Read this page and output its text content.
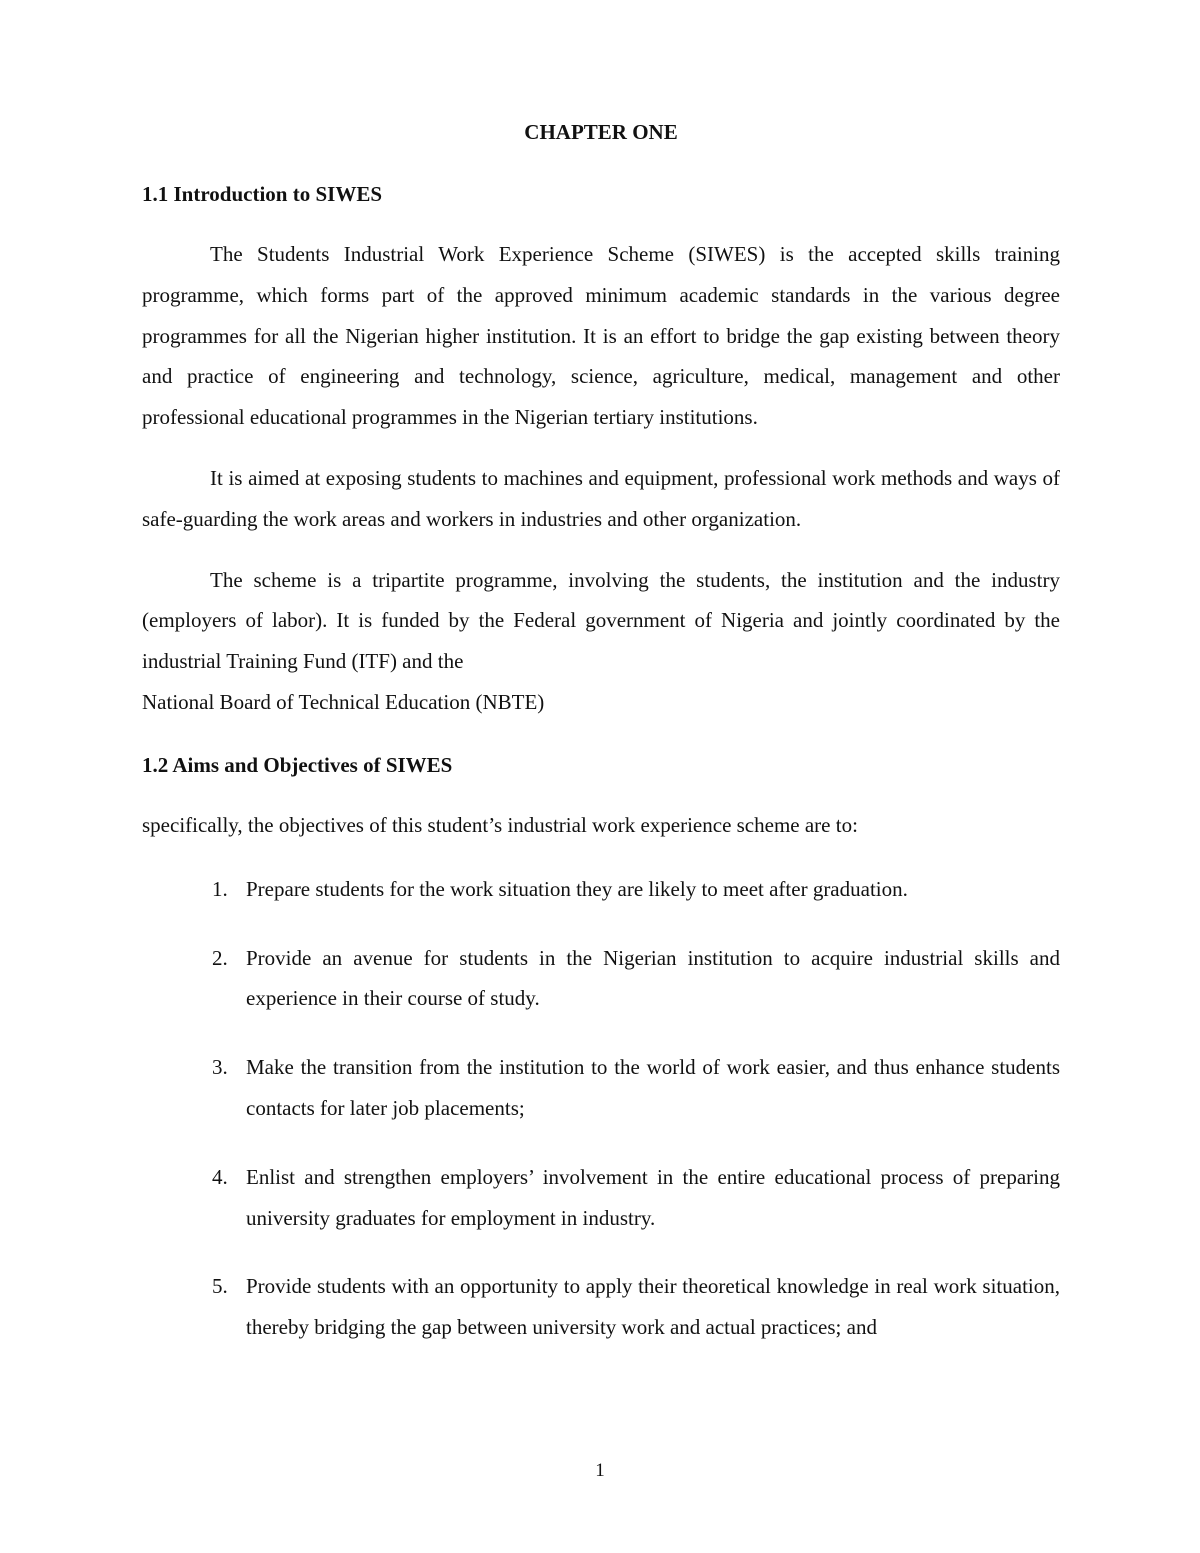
CHAPTER ONE
1.1 Introduction to SIWES

The Students Industrial Work Experience Scheme (SIWES) is the accepted skills training programme, which forms part of the approved minimum academic standards in the various degree programmes for all the Nigerian higher institution. It is an effort to bridge the gap existing between theory and practice of engineering and technology, science, agriculture, medical, management and other professional educational programmes in the Nigerian tertiary institutions.

It is aimed at exposing students to machines and equipment, professional work methods and ways of safe-guarding the work areas and workers in industries and other organization.

The scheme is a tripartite programme, involving the students, the institution and the industry (employers of labor). It is funded by the Federal government of Nigeria and jointly coordinated by the industrial Training Fund (ITF) and the

National Board of Technical Education (NBTE)

1.2 Aims and Objectives of SIWES

specifically, the objectives of this student’s industrial work experience scheme are to:

1. Prepare students for the work situation they are likely to meet after graduation.
2. Provide an avenue for students in the Nigerian institution to acquire industrial skills and experience in their course of study.
3. Make the transition from the institution to the world of work easier, and thus enhance students contacts for later job placements;
4. Enlist and strengthen employers’ involvement in the entire educational process of preparing university graduates for employment in industry.
5. Provide students with an opportunity to apply their theoretical knowledge in real work situation, thereby bridging the gap between university work and actual practices; and
1
